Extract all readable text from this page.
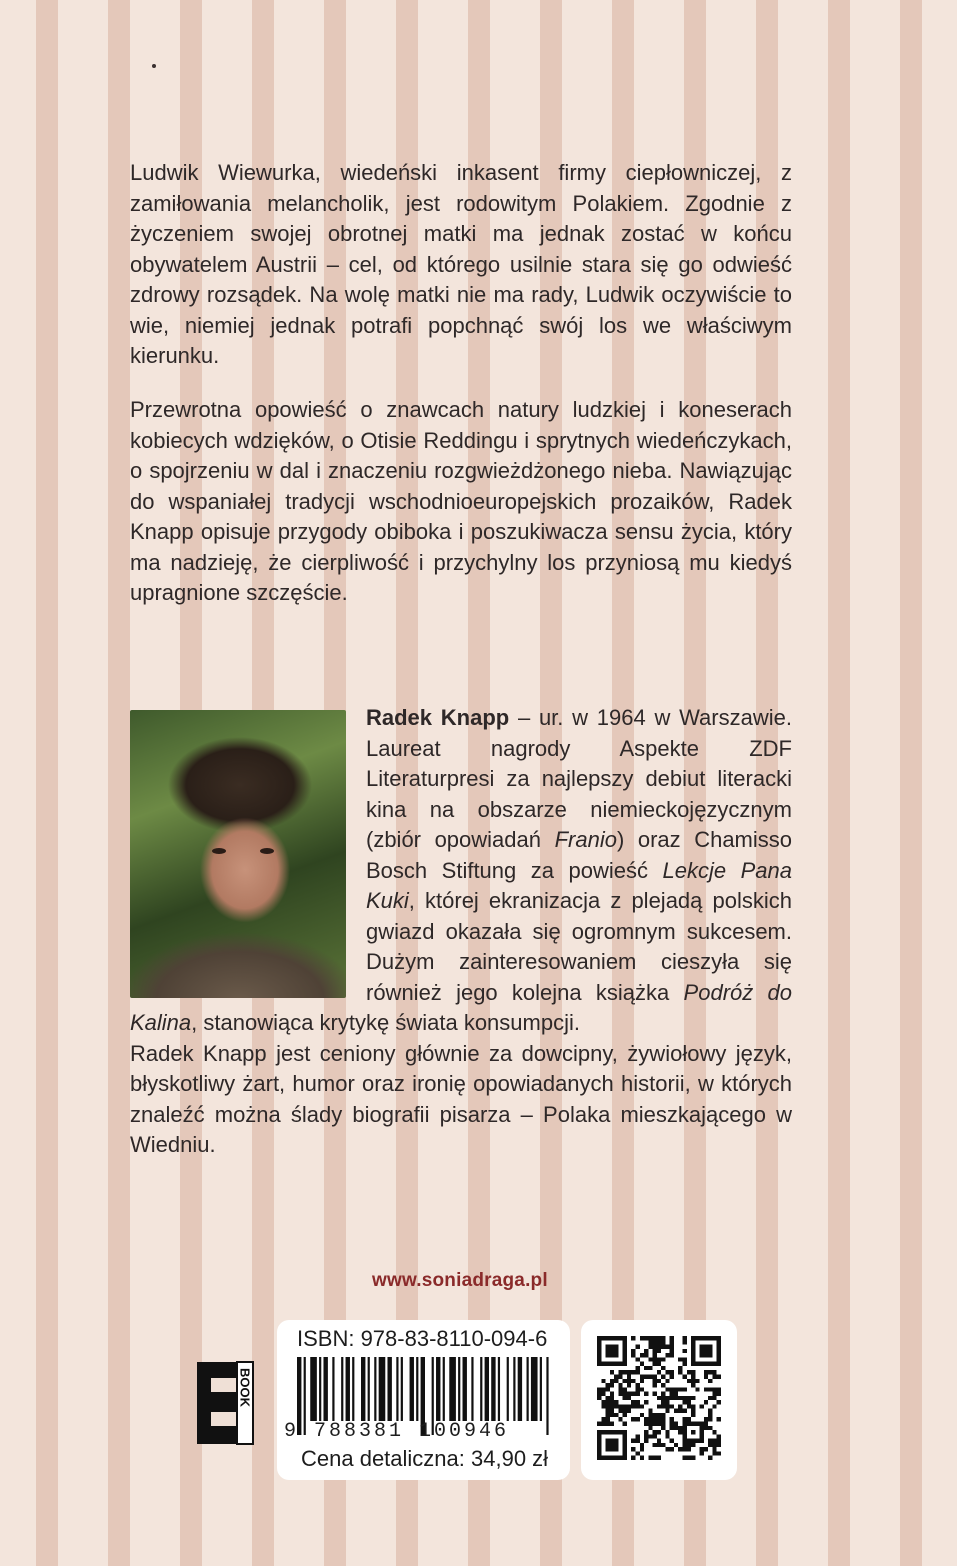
Ludwik Wiewurka, wiedeński inkasent firmy ciepłowniczej, z zamiłowania melancholik, jest rodowitym Polakiem. Zgodnie z życzeniem swojej obrotnej matki ma jednak zostać w końcu obywatelem Austrii – cel, od którego usilnie stara się go odwieść zdrowy rozsądek. Na wolę matki nie ma rady, Ludwik oczywiście to wie, niemiej jednak potrafi popchnąć swój los we właściwym kierunku.

Przewrotna opowieść o znawcach natury ludzkiej i koneserach kobiecych wdzięków, o Otisie Reddingu i sprytnych wiedeńczykach, o spojrzeniu w dal i znaczeniu rozgwieżdżonego nieba. Nawiązując do wspaniałej tradycji wschodnioeuropejskich prozaików, Radek Knapp opisuje przygody obiboka i poszukiwacza sensu życia, który ma nadzieję, że cierpliwość i przychylny los przyniosą mu kiedyś upragnione szczęście.

Radek Knapp – ur. w 1964 w Warszawie. Laureat nagrody Aspekte ZDF Literaturpresi za najlepszy debiut literacki kina na obszarze niemieckojęzycznym (zbiór opowiadań Franio) oraz Chamisso Bosch Stiftung za powieść Lekcje Pana Kuki, której ekranizacja z plejadą polskich gwiazd okazała się ogromnym sukcesem. Dużym zainteresowaniem cieszyła się również jego kolejna książka Podróż do Kalina, stanowiąca krytykę świata konsumpcji.

Radek Knapp jest ceniony głównie za dowcipny, żywiołowy język, błyskotliwy żart, humor oraz ironię opowiadanych historii, w których znaleźć można ślady biografii pisarza – Polaka mieszkającego w Wiedniu.

www.soniadraga.pl
BOOK
E
ISBN: 978-83-8110-094-6
9 788381 100946
Cena detaliczna: 34,90 zł
